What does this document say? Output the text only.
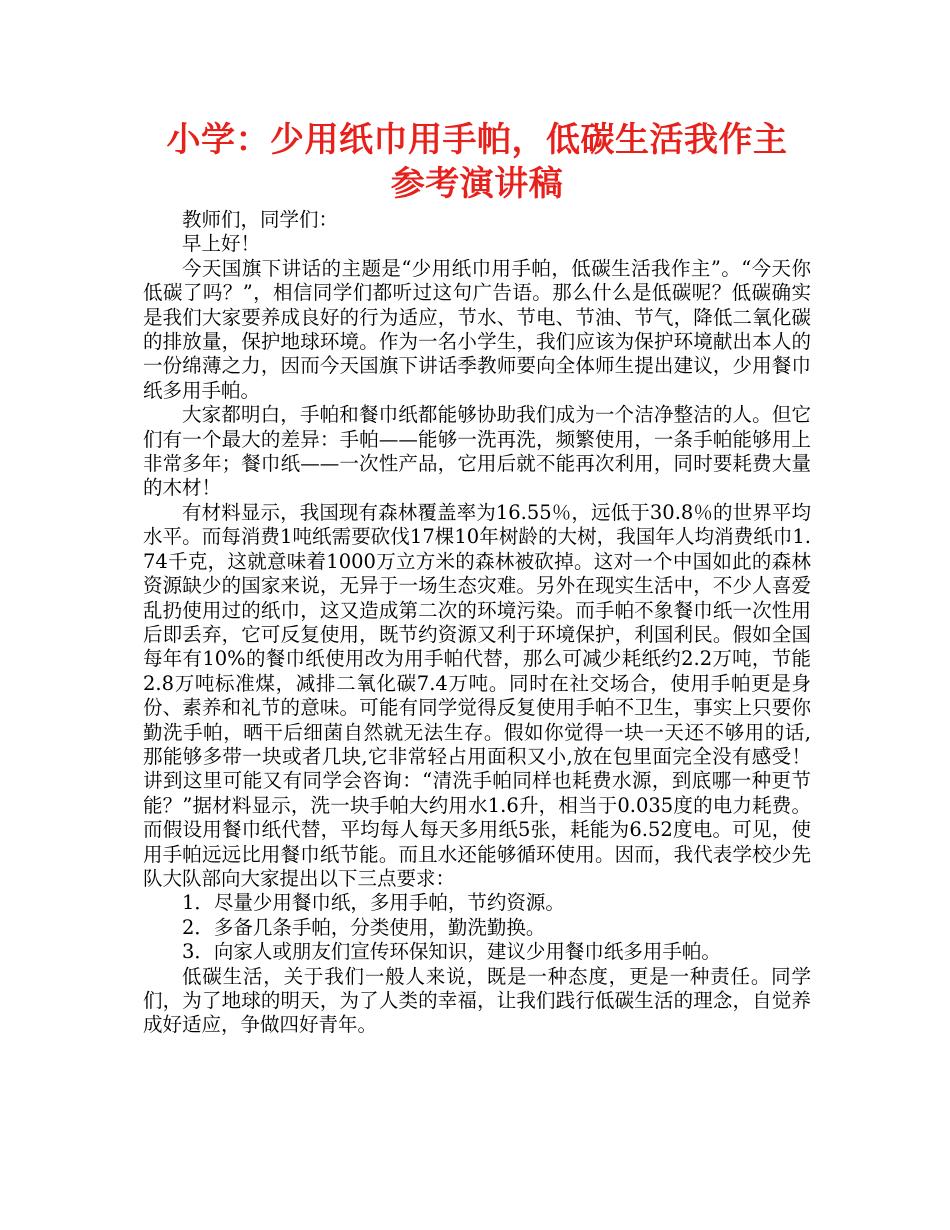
小学：少用纸巾用手帕，低碳生活我作主
参考演讲稿

教师们，同学们：

早上好！

今天国旗下讲话的主题是“少用纸巾用手帕，低碳生活我作主”。“今天你低碳了吗？”，相信同学们都听过这句广告语。那么什么是低碳呢？低碳确实是我们大家要养成良好的行为适应，节水、节电、节油、节气，降低二氧化碳的排放量，保护地球环境。作为一名小学生，我们应该为保护环境献出本人的一份绵薄之力，因而今天国旗下讲话季教师要向全体师生提出建议，少用餐巾纸多用手帕。

大家都明白，手帕和餐巾纸都能够协助我们成为一个洁净整洁的人。但它们有一个最大的差异：手帕——能够一洗再洗，频繁使用，一条手帕能够用上非常多年；餐巾纸——一次性产品，它用后就不能再次利用，同时要耗费大量的木材！

有材料显示，我国现有森林覆盖率为16.55％，远低于30.8％的世界平均水平。而每消费1吨纸需要砍伐17棵10年树龄的大树，我国年人均消费纸巾1.74千克，这就意味着1000万立方米的森林被砍掉。这对一个中国如此的森林资源缺少的国家来说，无异于一场生态灾难。另外在现实生活中，不少人喜爱乱扔使用过的纸巾，这又造成第二次的环境污染。而手帕不象餐巾纸一次性用后即丢弃，它可反复使用，既节约资源又利于环境保护，利国利民。假如全国每年有10%的餐巾纸使用改为用手帕代替，那么可减少耗纸约2.2万吨，节能2.8万吨标准煤，减排二氧化碳7.4万吨。同时在社交场合，使用手帕更是身份、素养和礼节的意味。可能有同学觉得反复使用手帕不卫生，事实上只要你勤洗手帕，晒干后细菌自然就无法生存。假如你觉得一块一天还不够用的话,那能够多带一块或者几块,它非常轻占用面积又小,放在包里面完全没有感受！讲到这里可能又有同学会咨询：“清洗手帕同样也耗费水源，到底哪一种更节能？”据材料显示，洗一块手帕大约用水1.6升，相当于0.035度的电力耗费。而假设用餐巾纸代替，平均每人每天多用纸5张，耗能为6.52度电。可见，使用手帕远远比用餐巾纸节能。而且水还能够循环使用。因而，我代表学校少先队大队部向大家提出以下三点要求：

1．尽量少用餐巾纸，多用手帕，节约资源。

2．多备几条手帕，分类使用，勤洗勤换。

3．向家人或朋友们宣传环保知识，建议少用餐巾纸多用手帕。

低碳生活，关于我们一般人来说，既是一种态度，更是一种责任。同学们，为了地球的明天，为了人类的幸福，让我们践行低碳生活的理念，自觉养成好适应，争做四好青年。
